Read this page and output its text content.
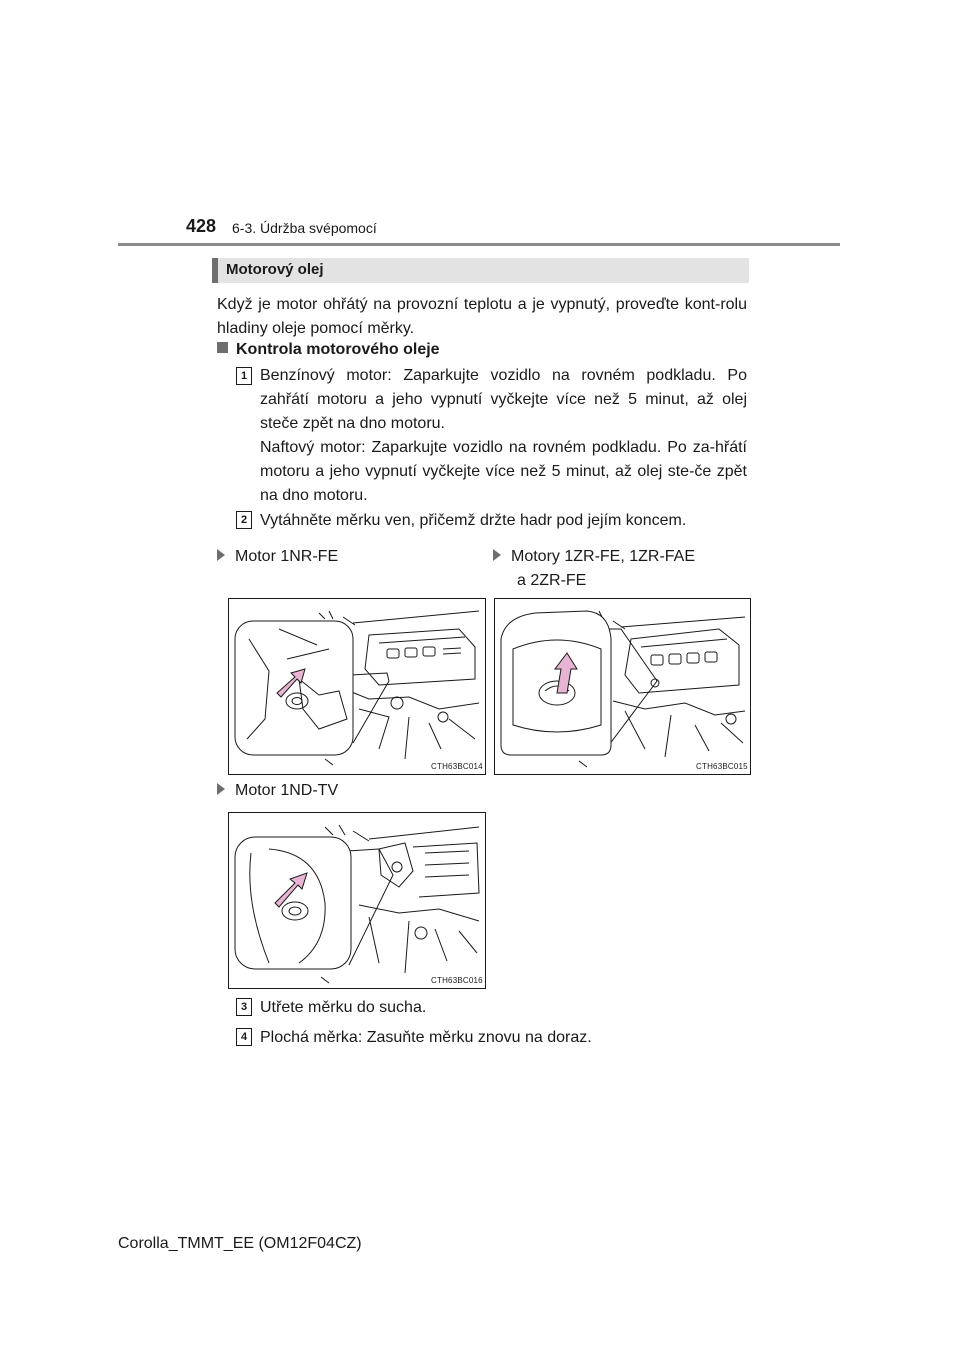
428 6-3. Údržba svépomocí
Motorový olej
Když je motor ohřátý na provozní teplotu a je vypnutý, proveďte kont-rolu hladiny oleje pomocí měrky.
Kontrola motorového oleje
1 Benzínový motor: Zaparkujte vozidlo na rovném podkladu. Po zahřátí motoru a jeho vypnutí vyčkejte více než 5 minut, až olej steče zpět na dno motoru.
Naftový motor: Zaparkujte vozidlo na rovném podkladu. Po za-hřátí motoru a jeho vypnutí vyčkejte více než 5 minut, až olej ste-če zpět na dno motoru.
2 Vytáhněte měrku ven, přičemž držte hadr pod jejím koncem.
Motor 1NR-FE	Motory 1ZR-FE, 1ZR-FAE
a 2ZR-FE
CTH63BC014	CTH63BC015
Motor 1ND-TV
CTH63BC016
3 Utřete měrku do sucha.
4 Plochá měrka: Zasuňte měrku znovu na doraz.
Corolla_TMMT_EE (OM12F04CZ)
